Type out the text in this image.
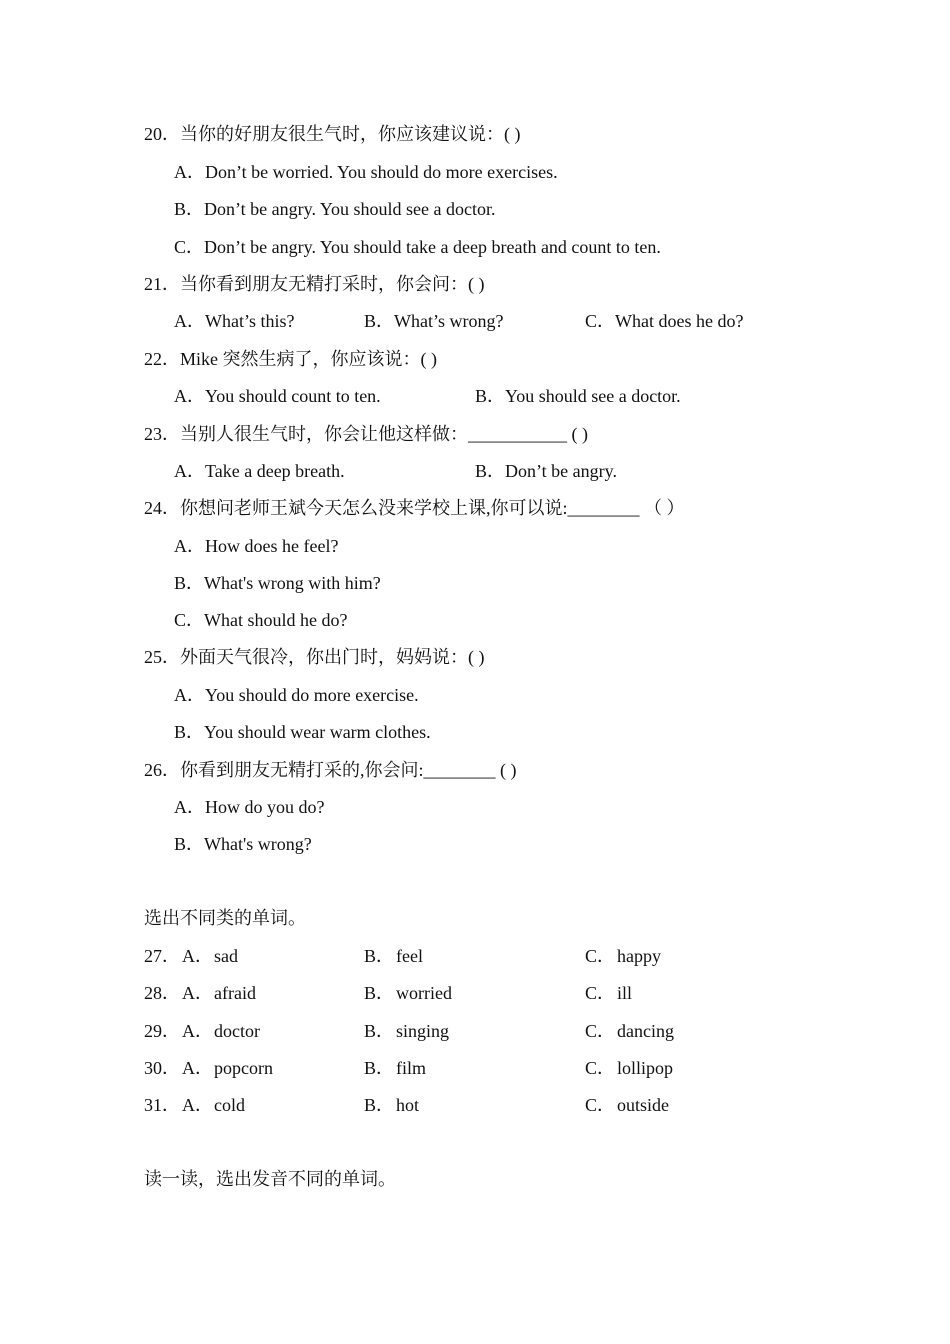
20．当你的好朋友很生气时，你应该建议说：( )
A．Don’t be worried. You should do more exercises.
B．Don’t be angry. You should see a doctor.
C．Don’t be angry. You should take a deep breath and count to ten.
21．当你看到朋友无精打采时，你会问：( )
A．What’s this?	B．What’s wrong?	C．What does he do?
22．Mike 突然生病了，你应该说：( )
A．You should count to ten.	B．You should see a doctor.
23．当别人很生气时，你会让他这样做：___________ ( )
A．Take a deep breath.	B．Don’t be angry.
24．你想问老师王斌今天怎么没来学校上课,你可以说:________ （ ）
A．How does he feel?
B．What's wrong with him?
C．What should he do?
25．外面天气很冷，你出门时，妈妈说：( )
A．You should do more exercise.
B．You should wear warm clothes.
26．你看到朋友无精打采的,你会问:________ ( )
A．How do you do?
B．What's wrong?
选出不同类的单词。
27． A．sad	B． feel	C． happy
28． A．afraid	B． worried	C． ill
29． A．doctor	B． singing	C． dancing
30． A．popcorn	B． film	C． lollipop
31． A．cold	B． hot	C． outside
读一读，选出发音不同的单词。
